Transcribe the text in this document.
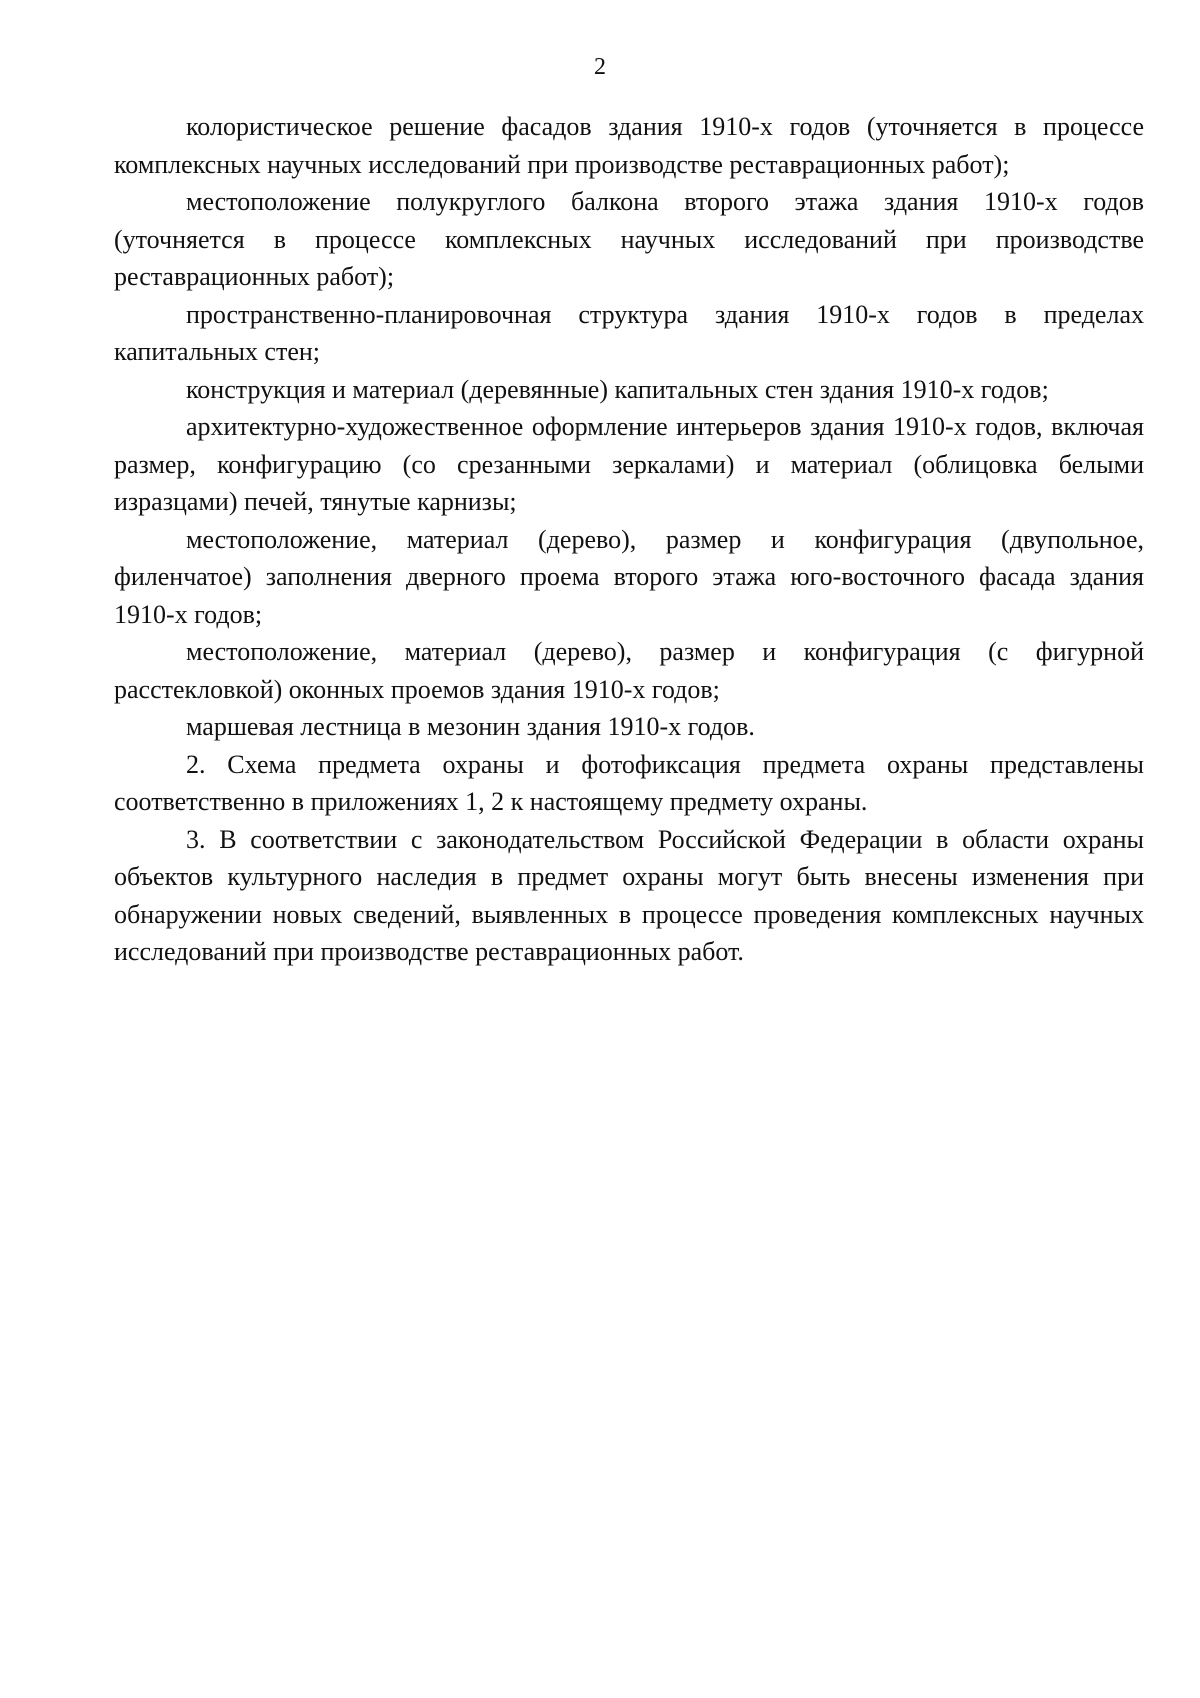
2

колористическое решение фасадов здания 1910-х годов (уточняется в процессе комплексных научных исследований при производстве реставрационных работ);

местоположение полукруглого балкона второго этажа здания 1910-х годов (уточняется в процессе комплексных научных исследований при производстве реставрационных работ);

пространственно-планировочная структура здания 1910-х годов в пределах капитальных стен;

конструкция и материал (деревянные) капитальных стен здания 1910-х годов;

архитектурно-художественное оформление интерьеров здания 1910-х годов, включая размер, конфигурацию (со срезанными зеркалами) и материал (облицовка белыми изразцами) печей, тянутые карнизы;

местоположение, материал (дерево), размер и конфигурация (двупольное, филенчатое) заполнения дверного проема второго этажа юго-восточного фасада здания 1910-х годов;

местоположение, материал (дерево), размер и конфигурация (с фигурной расстекловкой) оконных проемов здания 1910-х годов;

маршевая лестница в мезонин здания 1910-х годов.

2. Схема предмета охраны и фотофиксация предмета охраны представлены соответственно в приложениях 1, 2 к настоящему предмету охраны.

3. В соответствии с законодательством Российской Федерации в области охраны объектов культурного наследия в предмет охраны могут быть внесены изменения при обнаружении новых сведений, выявленных в процессе проведения комплексных научных исследований при производстве реставрационных работ.
